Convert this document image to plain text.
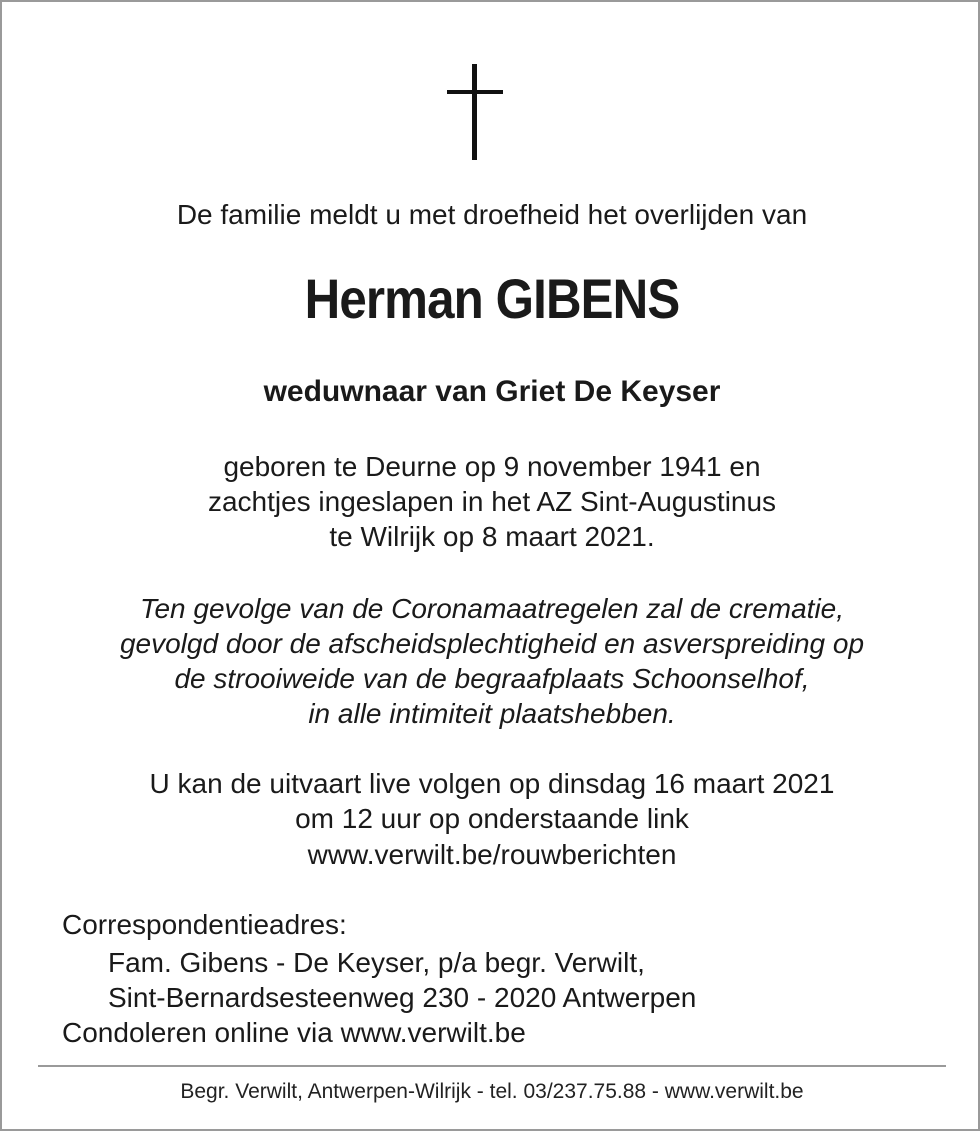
De familie meldt u met droefheid het overlijden van
Herman GIBENS
weduwnaar van Griet De Keyser
geboren te Deurne op 9 november 1941 en
zachtjes ingeslapen in het AZ Sint-Augustinus
te Wilrijk op 8 maart 2021.
Ten gevolge van de Coronamaatregelen zal de crematie,
gevolgd door de afscheidsplechtigheid en asverspreiding op
de strooiweide van de begraafplaats Schoonselhof,
in alle intimiteit plaatshebben.
U kan de uitvaart live volgen op dinsdag 16 maart 2021
om 12 uur op onderstaande link
www.verwilt.be/rouwberichten
Correspondentieadres:
Fam. Gibens - De Keyser, p/a begr. Verwilt,
Sint-Bernardsesteenweg 230 - 2020 Antwerpen
Condoleren online via www.verwilt.be
Begr. Verwilt, Antwerpen-Wilrijk - tel. 03/237.75.88 - www.verwilt.be
